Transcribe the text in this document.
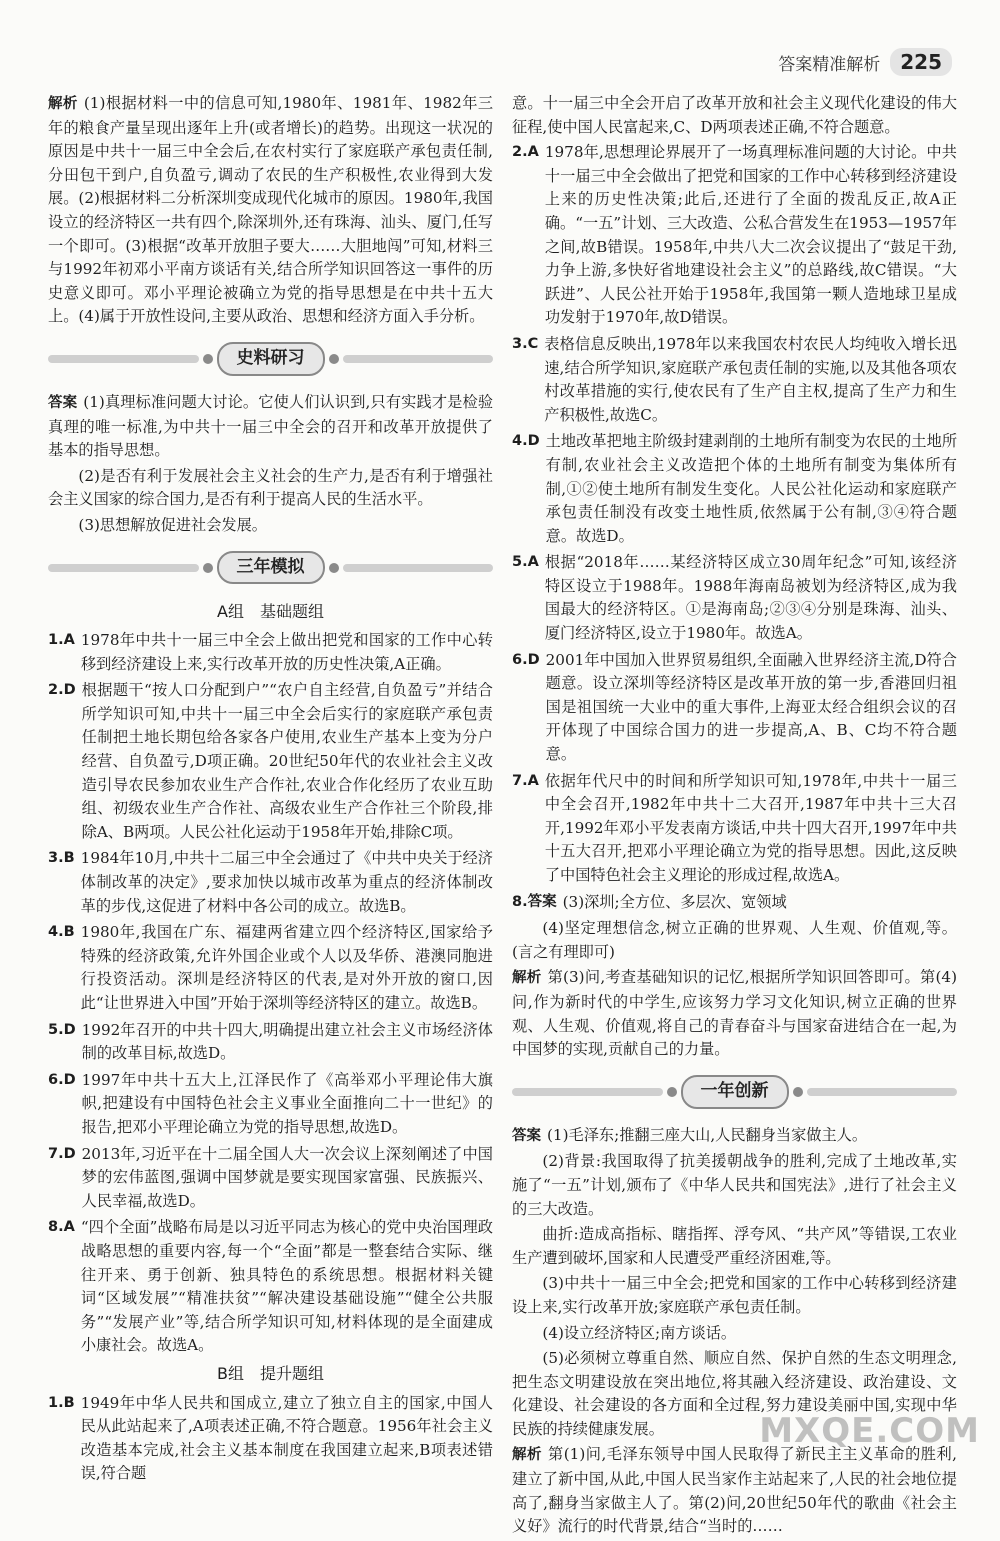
答案精准解析	225

解析 (1)根据材料一中的信息可知,1980年、1981年、1982年三年的粮食产量呈现出逐年上升(或者增长)的趋势。出现这一状况的原因是中共十一届三中全会后,在农村实行了家庭联产承包责任制,分田包干到户,自负盈亏,调动了农民的生产积极性,农业得到大发展。(2)根据材料二分析深圳变成现代化城市的原因。1980年,我国设立的经济特区一共有四个,除深圳外,还有珠海、汕头、厦门,任写一个即可。(3)根据“改革开放胆子要大……大胆地闯”可知,材料三与1992年初邓小平南方谈话有关,结合所学知识回答这一事件的历史意义即可。邓小平理论被确立为党的指导思想是在中共十五大上。(4)属于开放性设问,主要从政治、思想和经济方面入手分析。

史料研习

答案 (1)真理标准问题大讨论。它使人们认识到,只有实践才是检验真理的唯一标准,为中共十一届三中全会的召开和改革开放提供了基本的指导思想。

(2)是否有利于发展社会主义社会的生产力,是否有利于增强社会主义国家的综合国力,是否有利于提高人民的生活水平。

(3)思想解放促进社会发展。

三年模拟
A组　基础题组
1.A 1978年中共十一届三中全会上做出把党和国家的工作中心转移到经济建设上来,实行改革开放的历史性决策,A正确。
2.D 根据题干“按人口分配到户”“农户自主经营,自负盈亏”并结合所学知识可知,中共十一届三中全会后实行的家庭联产承包责任制把土地长期包给各家各户使用,农业生产基本上变为分户经营、自负盈亏,D项正确。20世纪50年代的农业社会主义改造引导农民参加农业生产合作社,农业合作化经历了农业互助组、初级农业生产合作社、高级农业生产合作社三个阶段,排除A、B两项。人民公社化运动于1958年开始,排除C项。
3.B 1984年10月,中共十二届三中全会通过了《中共中央关于经济体制改革的决定》,要求加快以城市改革为重点的经济体制改革的步伐,这促进了材料中各公司的成立。故选B。
4.B 1980年,我国在广东、福建两省建立四个经济特区,国家给予特殊的经济政策,允许外国企业或个人以及华侨、港澳同胞进行投资活动。深圳是经济特区的代表,是对外开放的窗口,因此“让世界进入中国”开始于深圳等经济特区的建立。故选B。
5.D 1992年召开的中共十四大,明确提出建立社会主义市场经济体制的改革目标,故选D。
6.D 1997年中共十五大上,江泽民作了《高举邓小平理论伟大旗帜,把建设有中国特色社会主义事业全面推向二十一世纪》的报告,把邓小平理论确立为党的指导思想,故选D。
7.D 2013年,习近平在十二届全国人大一次会议上深刻阐述了中国梦的宏伟蓝图,强调中国梦就是要实现国家富强、民族振兴、人民幸福,故选D。
8.A “四个全面”战略布局是以习近平同志为核心的党中央治国理政战略思想的重要内容,每一个“全面”都是一整套结合实际、继往开来、勇于创新、独具特色的系统思想。根据材料关键词“区域发展”“精准扶贫”“解决建设基础设施”“健全公共服务”“发展产业”等,结合所学知识可知,材料体现的是全面建成小康社会。故选A。
B组　提升题组
1.B 1949年中华人民共和国成立,建立了独立自主的国家,中国人民从此站起来了,A项表述正确,不符合题意。1956年社会主义改造基本完成,社会主义基本制度在我国建立起来,B项表述错误,符合题

意。十一届三中全会开启了改革开放和社会主义现代化建设的伟大征程,使中国人民富起来,C、D两项表述正确,不符合题意。

2.A 1978年,思想理论界展开了一场真理标准问题的大讨论。中共十一届三中全会做出了把党和国家的工作中心转移到经济建设上来的历史性决策;此后,还进行了全面的拨乱反正,故A正确。“一五”计划、三大改造、公私合营发生在1953—1957年之间,故B错误。1958年,中共八大二次会议提出了“鼓足干劲,力争上游,多快好省地建设社会主义”的总路线,故C错误。“大跃进”、人民公社开始于1958年,我国第一颗人造地球卫星成功发射于1970年,故D错误。
3.C 表格信息反映出,1978年以来我国农村农民人均纯收入增长迅速,结合所学知识,家庭联产承包责任制的实施,以及其他各项农村改革措施的实行,使农民有了生产自主权,提高了生产力和生产积极性,故选C。
4.D 土地改革把地主阶级封建剥削的土地所有制变为农民的土地所有制,农业社会主义改造把个体的土地所有制变为集体所有制,①②使土地所有制发生变化。人民公社化运动和家庭联产承包责任制没有改变土地性质,依然属于公有制,③④符合题意。故选D。
5.A 根据“2018年……某经济特区成立30周年纪念”可知,该经济特区设立于1988年。1988年海南岛被划为经济特区,成为我国最大的经济特区。①是海南岛;②③④分别是珠海、汕头、厦门经济特区,设立于1980年。故选A。
6.D 2001年中国加入世界贸易组织,全面融入世界经济主流,D符合题意。设立深圳等经济特区是改革开放的第一步,香港回归祖国是祖国统一大业中的重大事件,上海亚太经合组织会议的召开体现了中国综合国力的进一步提高,A、B、C均不符合题意。
7.A 依据年代尺中的时间和所学知识可知,1978年,中共十一届三中全会召开,1982年中共十二大召开,1987年中共十三大召开,1992年邓小平发表南方谈话,中共十四大召开,1997年中共十五大召开,把邓小平理论确立为党的指导思想。因此,这反映了中国特色社会主义理论的形成过程,故选A。
8.答案 (3)深圳;全方位、多层次、宽领域

(4)坚定理想信念,树立正确的世界观、人生观、价值观,等。(言之有理即可)

解析 第(3)问,考查基础知识的记忆,根据所学知识回答即可。第(4)问,作为新时代的中学生,应该努力学习文化知识,树立正确的世界观、人生观、价值观,将自己的青春奋斗与国家奋进结合在一起,为中国梦的实现,贡献自己的力量。

一年创新

答案 (1)毛泽东;推翻三座大山,人民翻身当家做主人。

(2)背景:我国取得了抗美援朝战争的胜利,完成了土地改革,实施了“一五”计划,颁布了《中华人民共和国宪法》,进行了社会主义的三大改造。

曲折:造成高指标、瞎指挥、浮夸风、“共产风”等错误,工农业生产遭到破坏,国家和人民遭受严重经济困难,等。

(3)中共十一届三中全会;把党和国家的工作中心转移到经济建设上来,实行改革开放;家庭联产承包责任制。

(4)设立经济特区;南方谈话。

(5)必须树立尊重自然、顺应自然、保护自然的生态文明理念,把生态文明建设放在突出地位,将其融入经济建设、政治建设、文化建设、社会建设的各方面和全过程,努力建设美丽中国,实现中华民族的持续健康发展。

解析 第(1)问,毛泽东领导中国人民取得了新民主主义革命的胜利,建立了新中国,从此,中国人民当家作主站起来了,人民的社会地位提高了,翻身当家做主人了。第(2)问,20世纪50年代的歌曲《社会主义好》流行的时代背景,结合“当时的……

MXQE.COM
